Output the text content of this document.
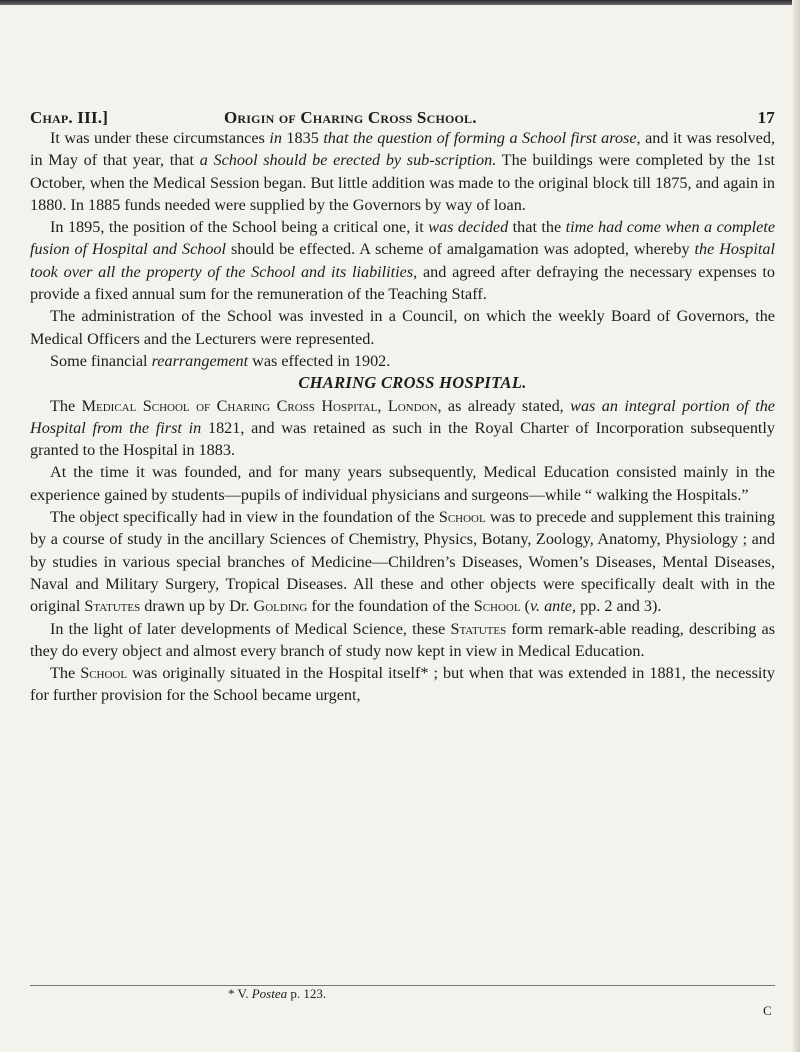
Chap. III.]	Origin of Charing Cross School.	17

It was under these circumstances in 1835 that the question of forming a School first arose, and it was resolved, in May of that year, that a School should be erected by sub-scription. The buildings were completed by the 1st October, when the Medical Session began. But little addition was made to the original block till 1875, and again in 1880. In 1885 funds needed were supplied by the Governors by way of loan.

In 1895, the position of the School being a critical one, it was decided that the time had come when a complete fusion of Hospital and School should be effected. A scheme of amalgamation was adopted, whereby the Hospital took over all the property of the School and its liabilities, and agreed after defraying the necessary expenses to provide a fixed annual sum for the remuneration of the Teaching Staff.

The administration of the School was invested in a Council, on which the weekly Board of Governors, the Medical Officers and the Lecturers were represented.

Some financial rearrangement was effected in 1902.

CHARING CROSS HOSPITAL.

The Medical School of Charing Cross Hospital, London, as already stated, was an integral portion of the Hospital from the first in 1821, and was retained as such in the Royal Charter of Incorporation subsequently granted to the Hospital in 1883.

At the time it was founded, and for many years subsequently, Medical Education consisted mainly in the experience gained by students—pupils of individual physicians and surgeons—while “ walking the Hospitals.”

The object specifically had in view in the foundation of the School was to precede and supplement this training by a course of study in the ancillary Sciences of Chemistry, Physics, Botany, Zoology, Anatomy, Physiology ; and by studies in various special branches of Medicine—Children’s Diseases, Women’s Diseases, Mental Diseases, Naval and Military Surgery, Tropical Diseases. All these and other objects were specifically dealt with in the original Statutes drawn up by Dr. Golding for the foundation of the School (v. ante, pp. 2 and 3).

In the light of later developments of Medical Science, these Statutes form remark-able reading, describing as they do every object and almost every branch of study now kept in view in Medical Education.

The School was originally situated in the Hospital itself* ; but when that was extended in 1881, the necessity for further provision for the School became urgent,

* V. Postea p. 123.
C
